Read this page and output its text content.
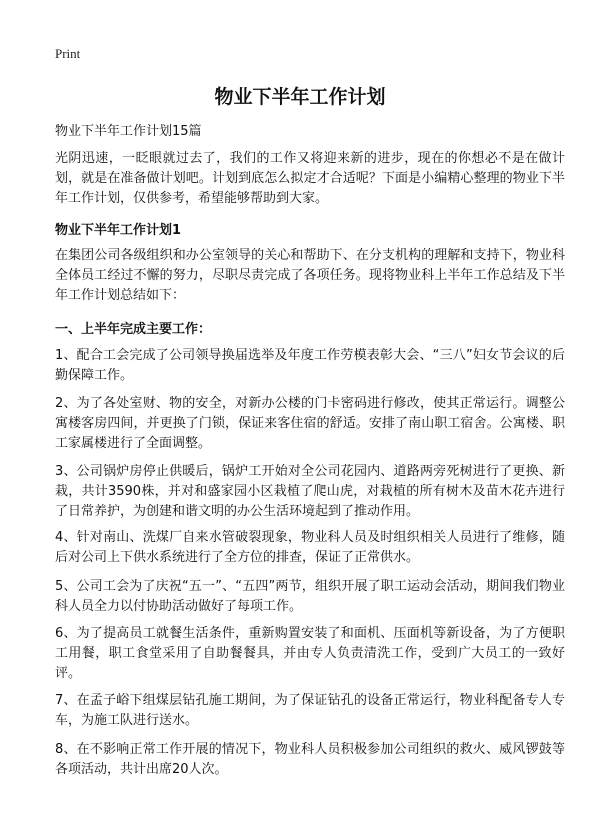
Print
物业下半年工作计划

物业下半年工作计划15篇

光阴迅速，一眨眼就过去了，我们的工作又将迎来新的进步，现在的你想必不是在做计划，就是在准备做计划吧。计划到底怎么拟定才合适呢？下面是小编精心整理的物业下半年工作计划，仅供参考，希望能够帮助到大家。

物业下半年工作计划1

在集团公司各级组织和办公室领导的关心和帮助下、在分支机构的理解和支持下，物业科全体员工经过不懈的努力，尽职尽责完成了各项任务。现将物业科上半年工作总结及下半年工作计划总结如下：

一、上半年完成主要工作：

1、配合工会完成了公司领导换届选举及年度工作劳模表彰大会、“三八”妇女节会议的后勤保障工作。

2、为了各处室财、物的安全，对新办公楼的门卡密码进行修改，使其正常运行。调整公寓楼客房四间，并更换了门锁，保证来客住宿的舒适。安排了南山职工宿舍。公寓楼、职工家属楼进行了全面调整。

3、公司锅炉房停止供暖后，锅炉工开始对全公司花园内、道路两旁死树进行了更换、新栽，共计3590株，并对和盛家园小区栽植了爬山虎，对栽植的所有树木及苗木花卉进行了日常养护，为创建和谐文明的办公生活环境起到了推动作用。

4、针对南山、洗煤厂自来水管破裂现象，物业科人员及时组织相关人员进行了维修，随后对公司上下供水系统进行了全方位的排查，保证了正常供水。

5、公司工会为了庆祝“五一”、“五四”两节，组织开展了职工运动会活动，期间我们物业科人员全力以付协助活动做好了每项工作。

6、为了提高员工就餐生活条件，重新购置安装了和面机、压面机等新设备，为了方便职工用餐，职工食堂采用了自助餐餐具，并由专人负责清洗工作，受到广大员工的一致好评。

7、在孟子峪下组煤层钻孔施工期间，为了保证钻孔的设备正常运行，物业科配备专人专车，为施工队进行送水。

8、在不影响正常工作开展的情况下，物业科人员积极参加公司组织的救火、威风锣鼓等各项活动，共计出席20人次。
